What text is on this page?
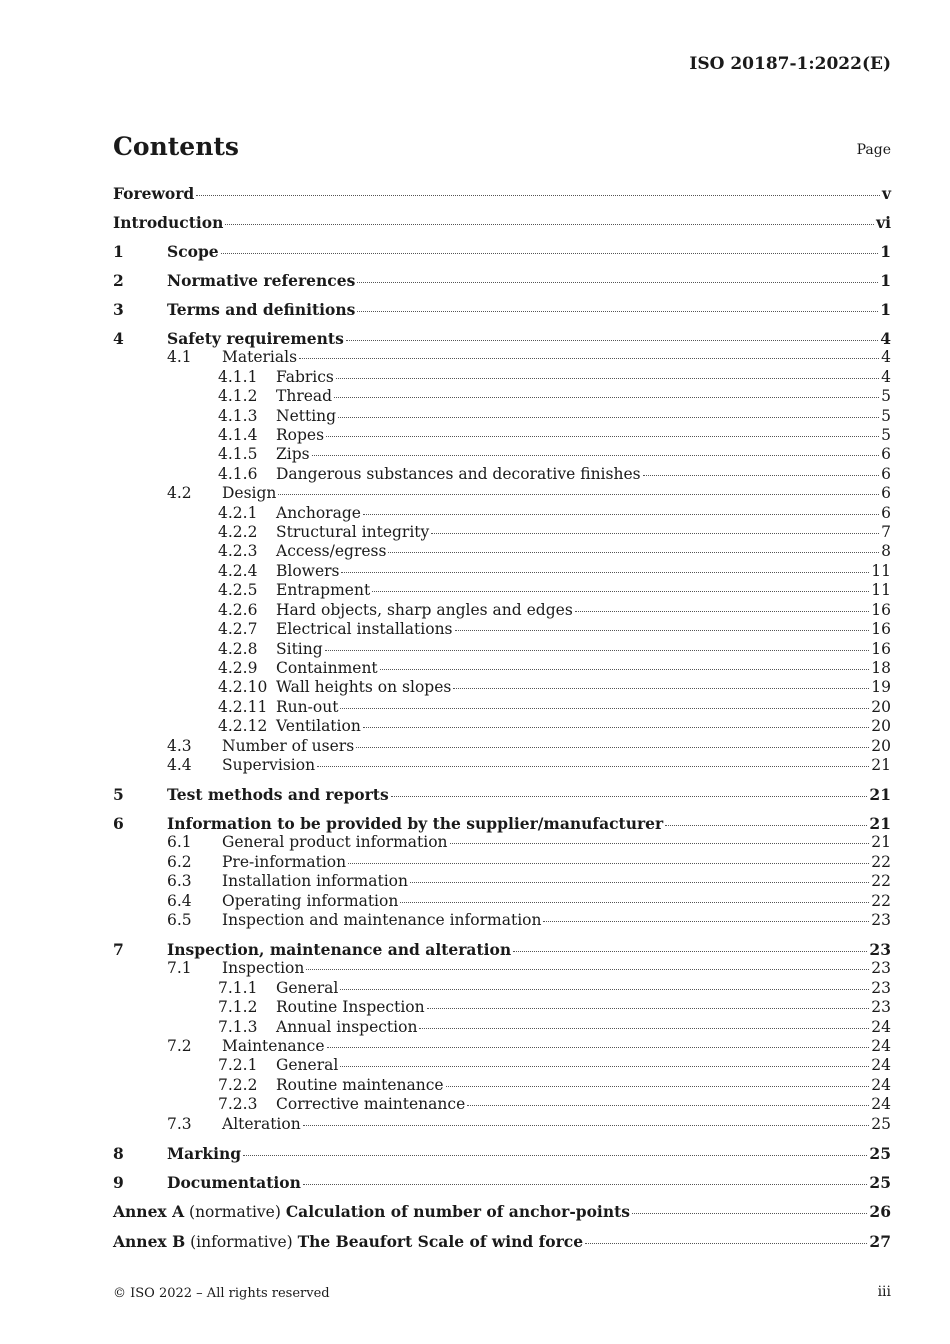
ISO 20187-1:2022(E)
Contents	Page
Foreword	v
Introduction	vi
1	Scope	1
2	Normative references	1
3	Terms and definitions	1
4	Safety requirements	4
4.1	Materials	4
4.1.1	Fabrics	4
4.1.2	Thread	5
4.1.3	Netting	5
4.1.4	Ropes	5
4.1.5	Zips	6
4.1.6	Dangerous substances and decorative finishes	6
4.2	Design	6
4.2.1	Anchorage	6
4.2.2	Structural integrity	7
4.2.3	Access/egress	8
4.2.4	Blowers	11
4.2.5	Entrapment	11
4.2.6	Hard objects, sharp angles and edges	16
4.2.7	Electrical installations	16
4.2.8	Siting	16
4.2.9	Containment	18
4.2.10 Wall heights on slopes	19
4.2.11 Run-out	20
4.2.12 Ventilation	20
4.3	Number of users	20
4.4	Supervision	21
5	Test methods and reports	21
6	Information to be provided by the supplier/manufacturer	21
6.1	General product information	21
6.2	Pre-information	22
6.3	Installation information	22
6.4	Operating information	22
6.5	Inspection and maintenance information	23
7	Inspection, maintenance and alteration	23
7.1	Inspection	23
7.1.1	General	23
7.1.2	Routine Inspection	23
7.1.3	Annual inspection	24
7.2	Maintenance	24
7.2.1	General	24
7.2.2	Routine maintenance	24
7.2.3	Corrective maintenance	24
7.3	Alteration	25
8	Marking	25
9	Documentation	25
Annex A (normative) Calculation of number of anchor-points	26
Annex B (informative) The Beaufort Scale of wind force	27
© ISO 2022 – All rights reserved	iii
